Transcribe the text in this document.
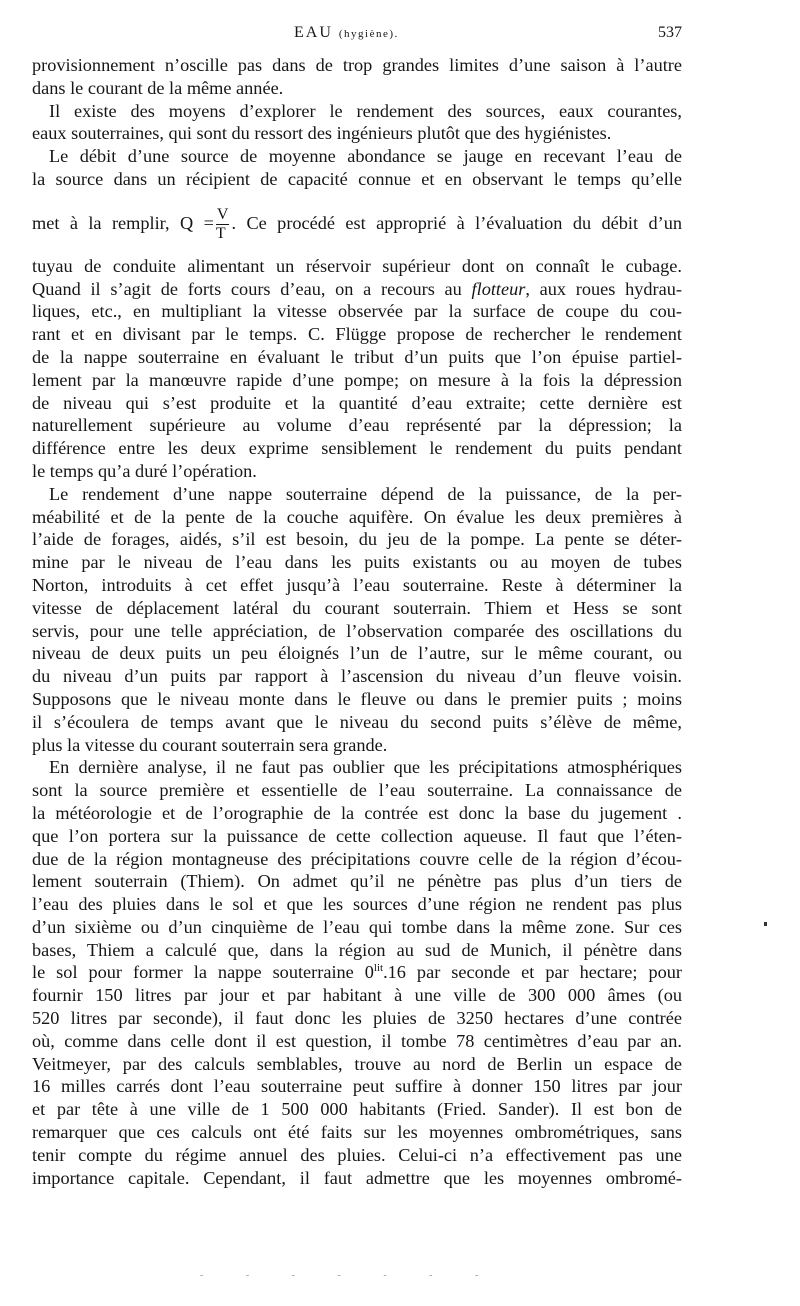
EAU (hygiène).	537
provisionnement n’oscille pas dans de trop grandes limites d’une saison à l’autre
dans le courant de la même année.
Il existe des moyens d’explorer le rendement des sources, eaux courantes,
eaux souterraines, qui sont du ressort des ingénieurs plutôt que des hygiénistes.
Le débit d’une source de moyenne abondance se jauge en recevant l’eau de
la source dans un récipient de capacité connue et en observant le temps qu’elle
met à la remplir, $Q = \frac{V}{T}$ . Ce procédé est approprié à l’évaluation du débit d’un
tuyau de conduite alimentant un réservoir supérieur dont on connaît le cubage.
Quand il s’agit de forts cours d’eau, on a recours au flotteur, aux roues hydrau-
liques, etc., en multipliant la vitesse observée par la surface de coupe du cou-
rant et en divisant par le temps. C. Flügge propose de rechercher le rendement
de la nappe souterraine en évaluant le tribut d’un puits que l’on épuise partiel-
lement par la manœuvre rapide d’une pompe; on mesure à la fois la dépression
de niveau qui s’est produite et la quantité d’eau extraite; cette dernière est
naturellement supérieure au volume d’eau représenté par la dépression; la
différence entre les deux exprime sensiblement le rendement du puits pendant
le temps qu’a duré l’opération.
Le rendement d’une nappe souterraine dépend de la puissance, de la per-
méabilité et de la pente de la couche aquifère. On évalue les deux premières à
l’aide de forages, aidés, s’il est besoin, du jeu de la pompe. La pente se déter-
mine par le niveau de l’eau dans les puits existants ou au moyen de tubes
Norton, introduits à cet effet jusqu’à l’eau souterraine. Reste à déterminer la
vitesse de déplacement latéral du courant souterrain. Thiem et Hess se sont
servis, pour une telle appréciation, de l’observation comparée des oscillations du
niveau de deux puits un peu éloignés l’un de l’autre, sur le même courant, ou
du niveau d’un puits par rapport à l’ascension du niveau d’un fleuve voisin.
Supposons que le niveau monte dans le fleuve ou dans le premier puits ; moins
il s’écoulera de temps avant que le niveau du second puits s’élève de même,
plus la vitesse du courant souterrain sera grande.
En dernière analyse, il ne faut pas oublier que les précipitations atmosphériques
sont la source première et essentielle de l’eau souterraine. La connaissance de
la météorologie et de l’orographie de la contrée est donc la base du jugement .
que l’on portera sur la puissance de cette collection aqueuse. Il faut que l’éten-
due de la région montagneuse des précipitations couvre celle de la région d’écou-
lement souterrain (Thiem). On admet qu’il ne pénètre pas plus d’un tiers de
l’eau des pluies dans le sol et que les sources d’une région ne rendent pas plus
d’un sixième ou d’un cinquième de l’eau qui tombe dans la même zone. Sur ces
bases, Thiem a calculé que, dans la région au sud de Munich, il pénètre dans
le sol pour former la nappe souterraine $0^{lit}.16$ par seconde et par hectare; pour
fournir 150 litres par jour et par habitant à une ville de 300 000 âmes (ou
520 litres par seconde), il faut donc les pluies de 3250 hectares d’une contrée
où, comme dans celle dont il est question, il tombe 78 centimètres d’eau par an.
Veitmeyer, par des calculs semblables, trouve au nord de Berlin un espace de
16 milles carrés dont l’eau souterraine peut suffire à donner 150 litres par jour
et par tête à une ville de 1 500 000 habitants (Fried. Sander). Il est bon de
remarquer que ces calculs ont été faits sur les moyennes ombrométriques, sans
tenir compte du régime annuel des pluies. Celui-ci n’a effectivement pas une
importance capitale. Cependant, il faut admettre que les moyennes ombromé-
- - - - - - -
